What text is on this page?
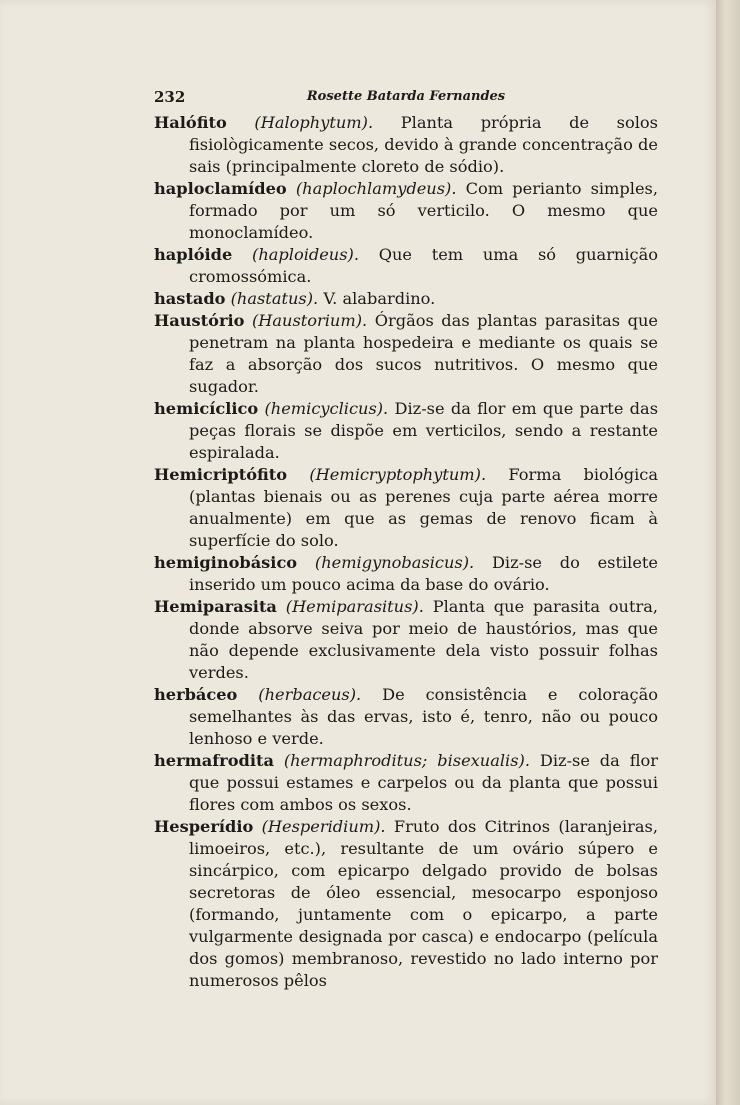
232	Rosette Batarda Fernandes

Halófito (Halophytum). Planta própria de solos fisiològicamente secos, devido à grande concentração de sais (principalmente cloreto de sódio).

haploclamídeo (haplochlamydeus). Com perianto simples, formado por um só verticilo. O mesmo que monoclamídeo.

haplóide (haploideus). Que tem uma só guarnição cromossómica.

hastado (hastatus). V. alabardino.

Haustório (Haustorium). Órgãos das plantas parasitas que penetram na planta hospedeira e mediante os quais se faz a absorção dos sucos nutritivos. O mesmo que sugador.

hemicíclico (hemicyclicus). Diz-se da flor em que parte das peças florais se dispõe em verticilos, sendo a restante espiralada.

Hemicriptófito (Hemicryptophytum). Forma biológica (plantas bienais ou as perenes cuja parte aérea morre anualmente) em que as gemas de renovo ficam à superfície do solo.

hemiginobásico (hemigynobasicus). Diz-se do estilete inserido um pouco acima da base do ovário.

Hemiparasita (Hemiparasitus). Planta que parasita outra, donde absorve seiva por meio de haustórios, mas que não depende exclusivamente dela visto possuir folhas verdes.

herbáceo (herbaceus). De consistência e coloração semelhantes às das ervas, isto é, tenro, não ou pouco lenhoso e verde.

hermafrodita (hermaphroditus; bisexualis). Diz-se da flor que possui estames e carpelos ou da planta que possui flores com ambos os sexos.

Hesperídio (Hesperidium). Fruto dos Citrinos (laranjeiras, limoeiros, etc.), resultante de um ovário súpero e sincárpico, com epicarpo delgado provido de bolsas secretoras de óleo essencial, mesocarpo esponjoso (formando, juntamente com o epicarpo, a parte vulgarmente designada por casca) e endocarpo (película dos gomos) membranoso, revestido no lado interno por numerosos pêlos
